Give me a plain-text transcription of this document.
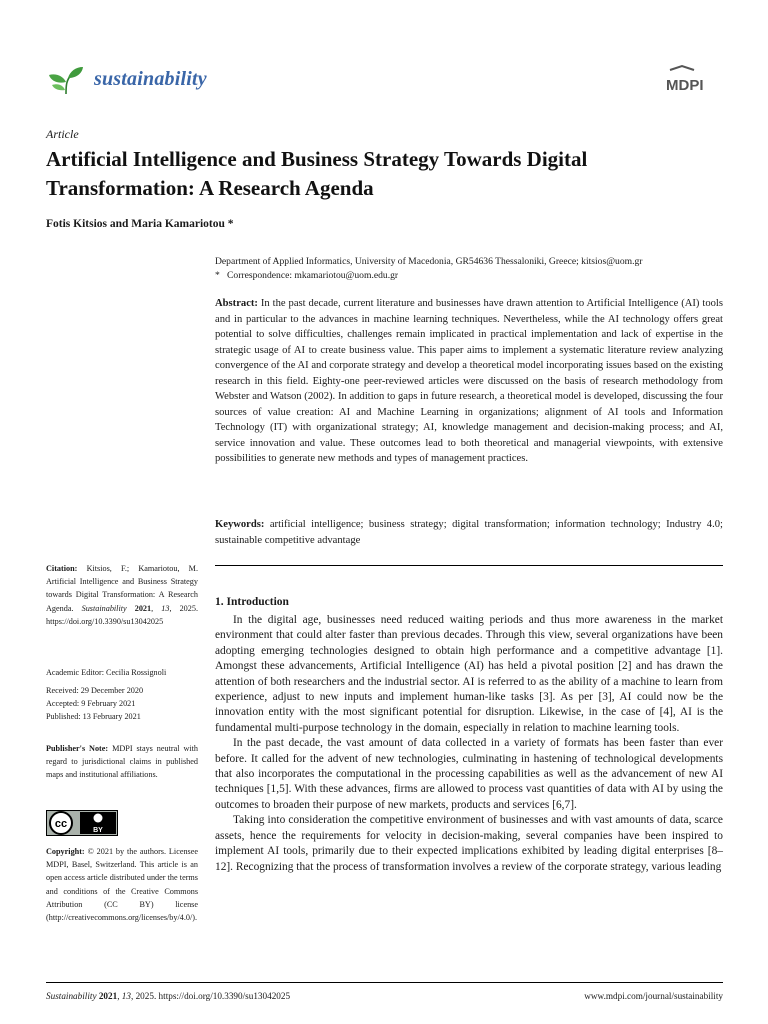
sustainability	MDPI
Article
Artificial Intelligence and Business Strategy Towards Digital Transformation: A Research Agenda
Fotis Kitsios and Maria Kamariotou *
Department of Applied Informatics, University of Macedonia, GR54636 Thessaloniki, Greece; kitsios@uom.gr
* Correspondence: mkamariotou@uom.edu.gr
Abstract: In the past decade, current literature and businesses have drawn attention to Artificial Intelligence (AI) tools and in particular to the advances in machine learning techniques. Nevertheless, while the AI technology offers great potential to solve difficulties, challenges remain implicated in practical implementation and lack of expertise in the strategic usage of AI to create business value. This paper aims to implement a systematic literature review analyzing convergence of the AI and corporate strategy and develop a theoretical model incorporating issues based on the existing research in this field. Eighty-one peer-reviewed articles were discussed on the basis of research methodology from Webster and Watson (2002). In addition to gaps in future research, a theoretical model is developed, discussing the four sources of value creation: AI and Machine Learning in organizations; alignment of AI tools and Information Technology (IT) with organizational strategy; AI, knowledge management and decision-making process; and AI, service innovation and value. These outcomes lead to both theoretical and managerial viewpoints, with extensive possibilities to generate new methods and types of management practices.
Keywords: artificial intelligence; business strategy; digital transformation; information technology; Industry 4.0; sustainable competitive advantage
Citation: Kitsios, F.; Kamariotou, M. Artificial Intelligence and Business Strategy towards Digital Transformation: A Research Agenda. Sustainability 2021, 13, 2025. https://doi.org/10.3390/su13042025
Academic Editor: Cecilia Rossignoli
Received: 29 December 2020
Accepted: 9 February 2021
Published: 13 February 2021
Publisher's Note: MDPI stays neutral with regard to jurisdictional claims in published maps and institutional affiliations.
cc
BY
Copyright: © 2021 by the authors. Licensee MDPI, Basel, Switzerland. This article is an open access article distributed under the terms and conditions of the Creative Commons Attribution (CC BY) license (http://creativecommons.org/licenses/by/4.0/).
1. Introduction

In the digital age, businesses need reduced waiting periods and thus more awareness in the market environment that could alter faster than previous decades. Through this view, several organizations have been adopting emerging technologies designed to obtain high performance and a competitive advantage [1]. Amongst these advancements, Artificial Intelligence (AI) has held a pivotal position [2] and has drawn the attention of both researchers and the industrial sector. AI is referred to as the ability of a machine to learn from experience, adjust to new inputs and implement human-like tasks [3]. As per [3], AI could now be the innovation entity with the most significant potential for disruption. Likewise, in the case of [4], AI is the fundamental multi-purpose technology in the domain, especially in relation to machine learning tools.

In the past decade, the vast amount of data collected in a variety of formats has been faster than ever before. It called for the advent of new technologies, culminating in hastening of technological developments that also incorporates the computational in the processing capabilities as well as the advancement of new AI techniques [1,5]. With these advances, firms are allowed to process vast quantities of data with AI by using the outcomes to broaden their purpose of new markets, products and services [6,7].

Taking into consideration the competitive environment of businesses and with vast amounts of data, scarce assets, hence the requirements for velocity in decision-making, several companies have been inspired to implement AI tools, primarily due to their expected implications exhibited by leading digital enterprises [8–12]. Recognizing that the process of transformation involves a review of the corporate strategy, various leading

Sustainability 2021, 13, 2025. https://doi.org/10.3390/su13042025	www.mdpi.com/journal/sustainability
